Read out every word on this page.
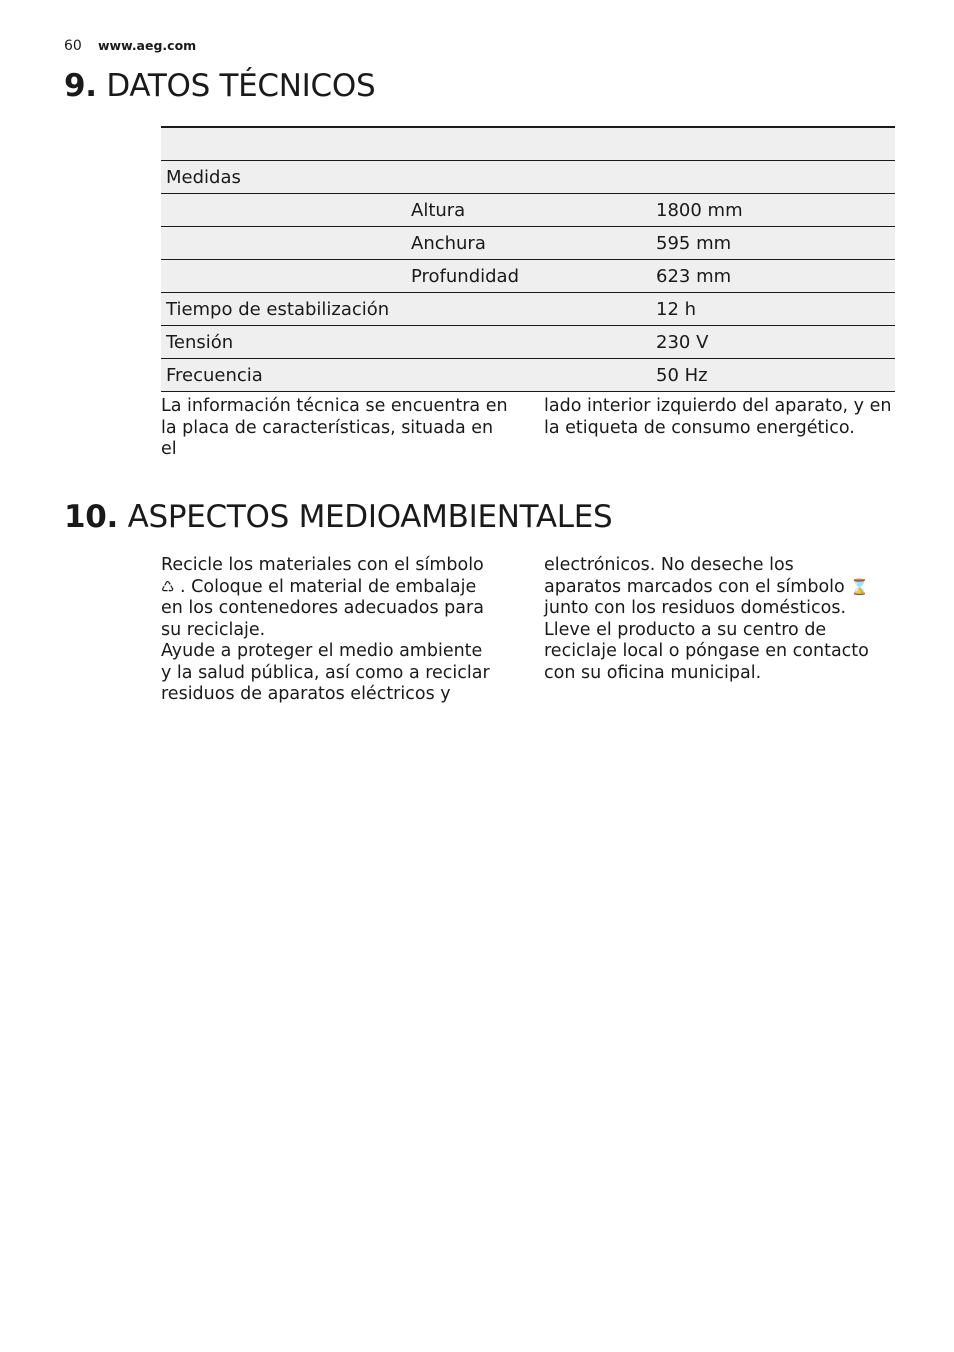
60 www.aeg.com
9. DATOS TÉCNICOS

Medidas		
	Altura	1800 mm
	Anchura	595 mm
	Profundidad	623 mm
Tiempo de estabilización		12 h
Tensión		230 V
Frecuencia		50 Hz

La información técnica se encuentra en

la placa de características, situada en el

lado interior izquierdo del aparato, y en

la etiqueta de consumo energético.

10. ASPECTOS MEDIOAMBIENTALES

Recicle los materiales con el símbolo

♺ . Coloque el material de embalaje

en los contenedores adecuados para

su reciclaje.

Ayude a proteger el medio ambiente

y la salud pública, así como a reciclar

residuos de aparatos eléctricos y

electrónicos. No deseche los

aparatos marcados con el símbolo ⌛

junto con los residuos domésticos.

Lleve el producto a su centro de

reciclaje local o póngase en contacto

con su oficina municipal.
